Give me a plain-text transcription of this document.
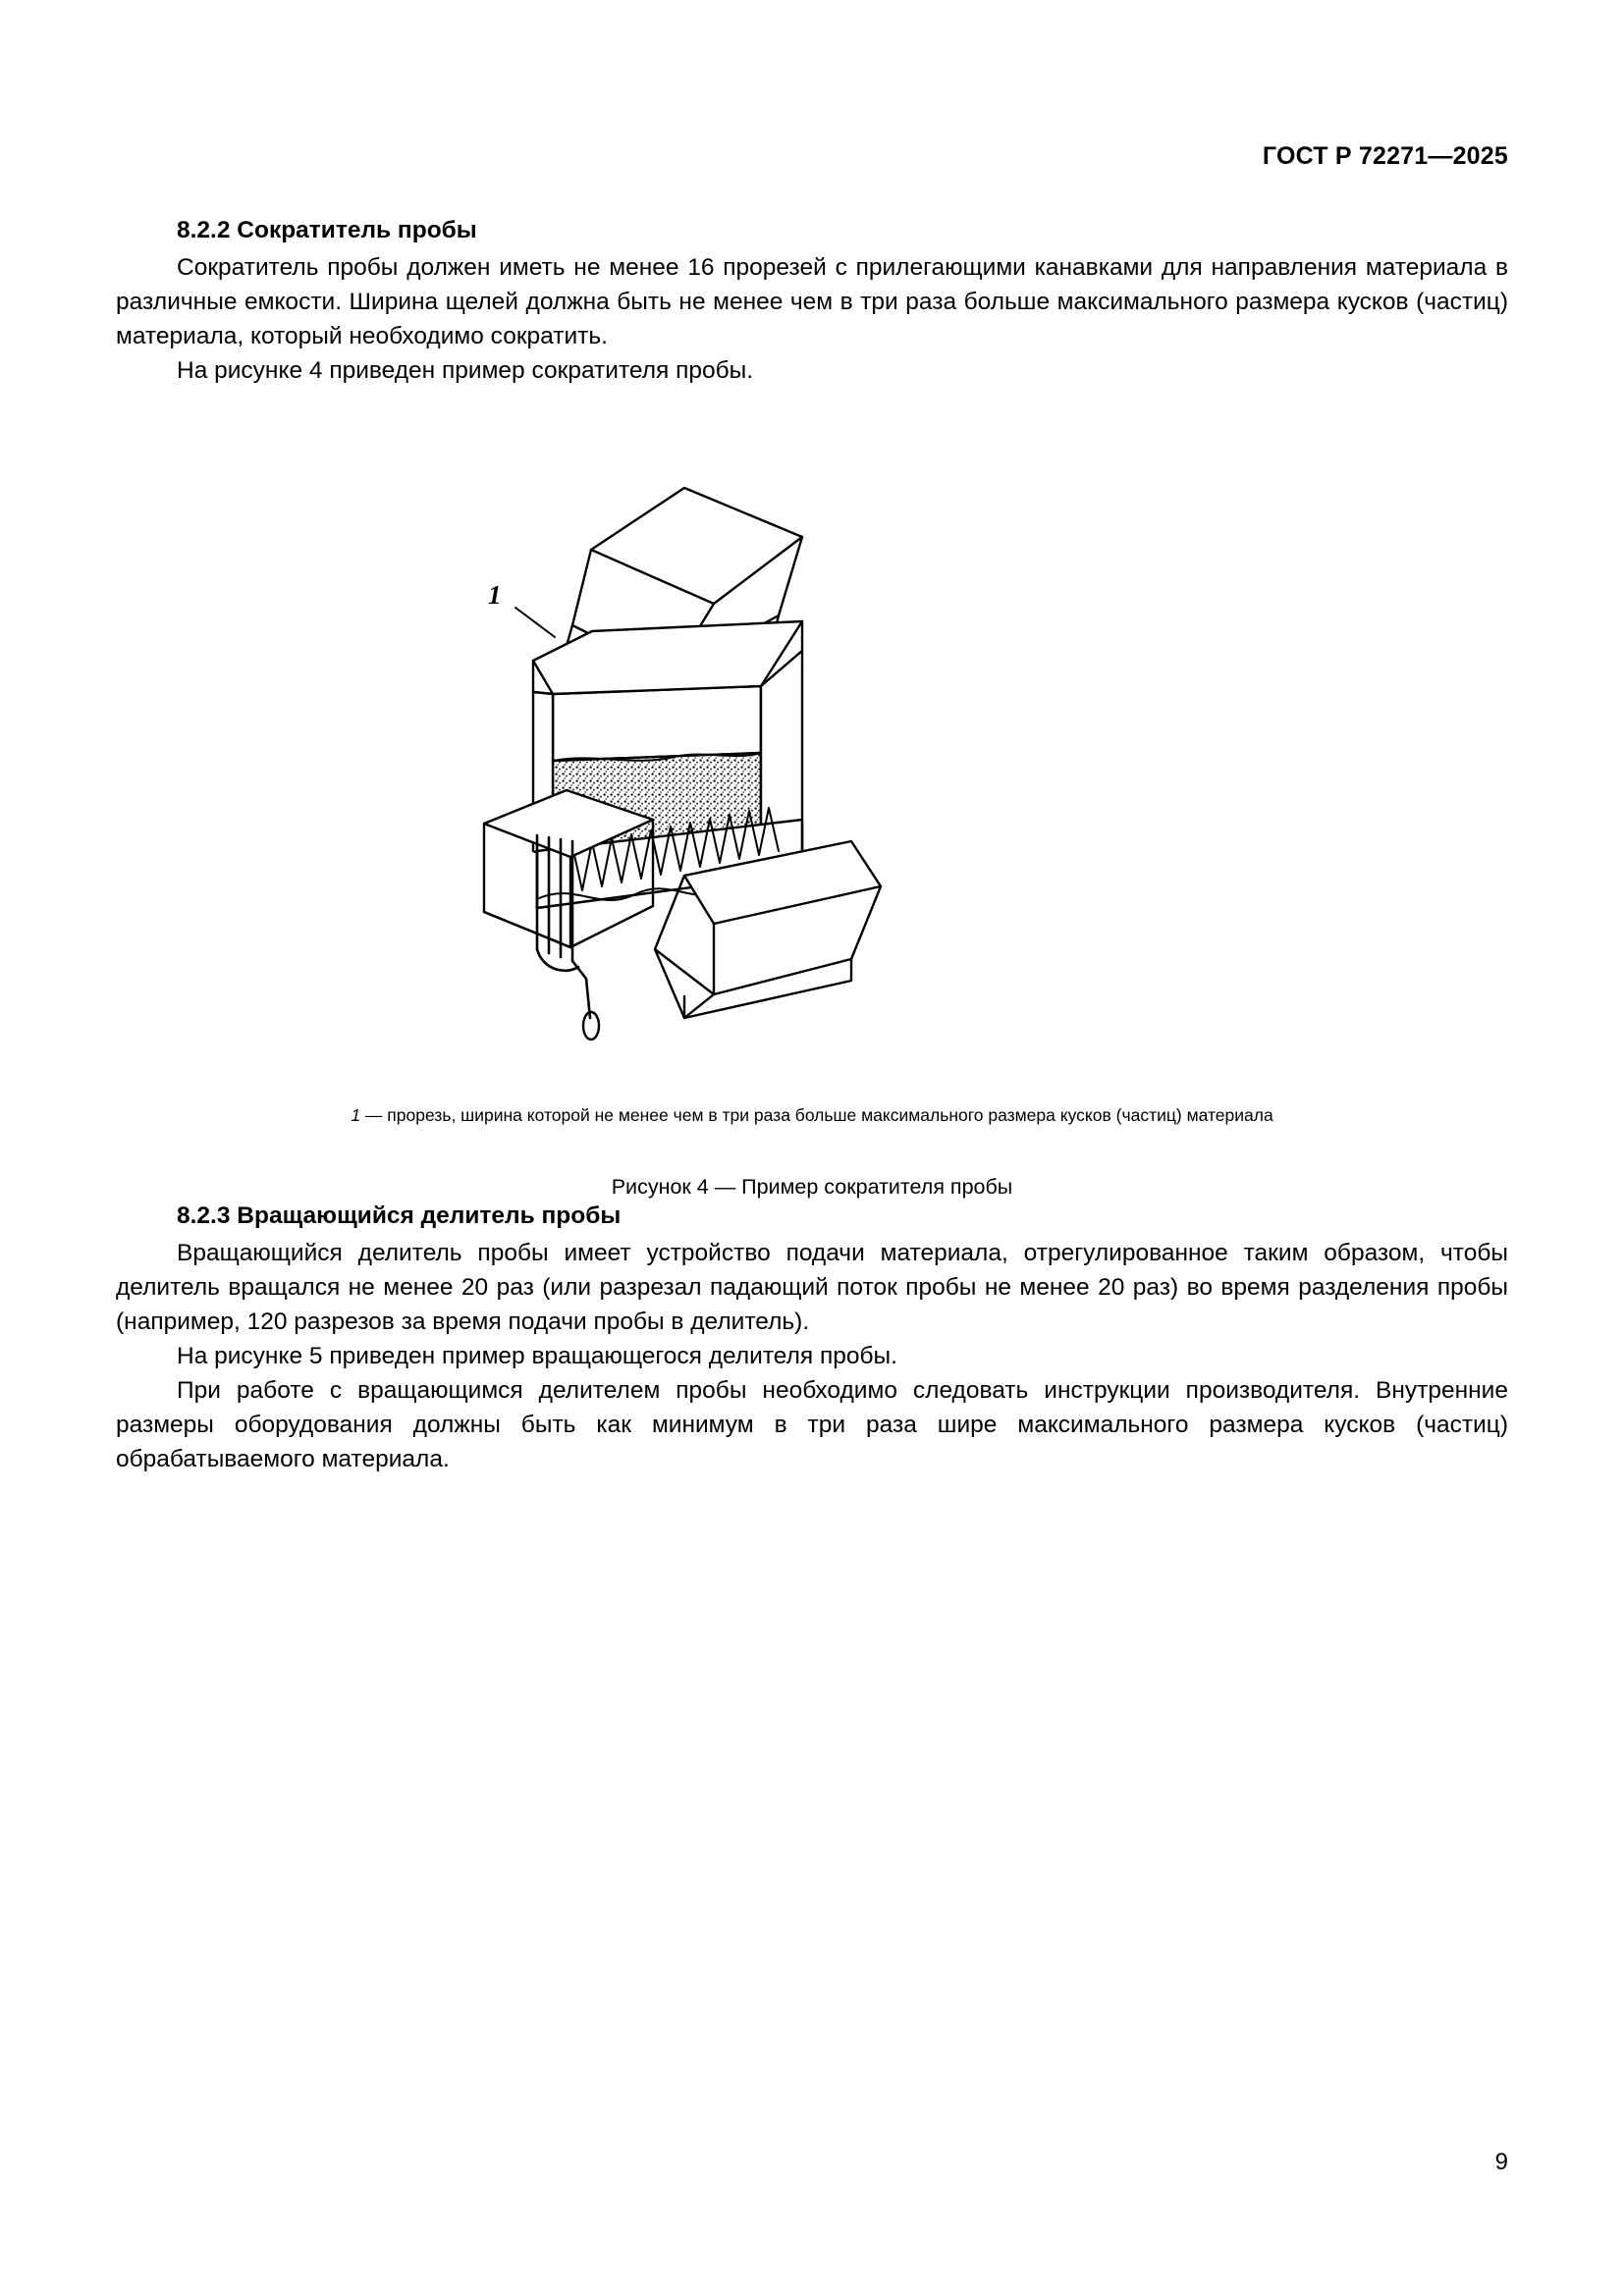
ГОСТ Р 72271—2025
8.2.2 Сократитель пробы

Сократитель пробы должен иметь не менее 16 прорезей с прилегающими канавками для направления материала в различные емкости. Ширина щелей должна быть не менее чем в три раза больше максимального размера кусков (частиц) материала, который необходимо сократить.

На рисунке 4 приведен пример сократителя пробы.

1
1 — прорезь, ширина которой не менее чем в три раза больше максимального размера кусков (частиц) материала
Рисунок 4 — Пример сократителя пробы
8.2.3 Вращающийся делитель пробы

Вращающийся делитель пробы имеет устройство подачи материала, отрегулированное таким образом, чтобы делитель вращался не менее 20 раз (или разрезал падающий поток пробы не менее 20 раз) во время разделения пробы (например, 120 разрезов за время подачи пробы в делитель).

На рисунке 5 приведен пример вращающегося делителя пробы.

При работе с вращающимся делителем пробы необходимо следовать инструкции производителя. Внутренние размеры оборудования должны быть как минимум в три раза шире максимального размера кусков (частиц) обрабатываемого материала.

9
